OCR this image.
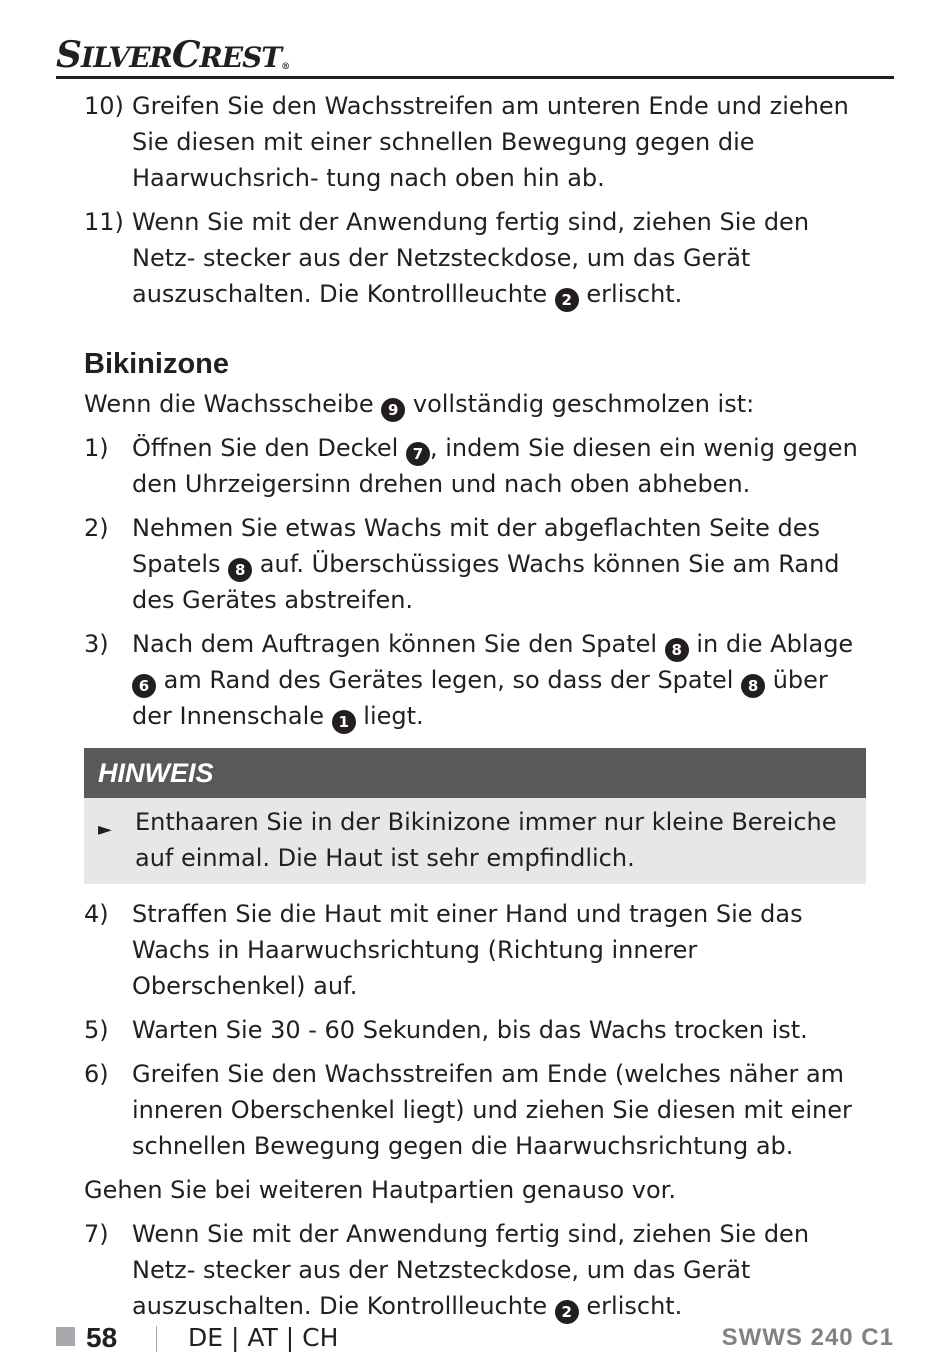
SILVERCREST®
10) Greifen Sie den Wachsstreifen am unteren Ende und ziehen Sie diesen mit einer schnellen Bewegung gegen die Haarwuchsrich- tung nach oben hin ab.
11) Wenn Sie mit der Anwendung fertig sind, ziehen Sie den Netz- stecker aus der Netzsteckdose, um das Gerät auszuschalten. Die Kontrollleuchte 2 erlischt.
Bikinizone
Wenn die Wachsscheibe 9 vollständig geschmolzen ist:
1) Öffnen Sie den Deckel 7 , indem Sie diesen ein wenig gegen den Uhrzeigersinn drehen und nach oben abheben.
2) Nehmen Sie etwas Wachs mit der abgeflachten Seite des Spatels 8 auf. Überschüssiges Wachs können Sie am Rand des Gerätes abstreifen.
3) Nach dem Auftragen können Sie den Spatel 8 in die Ablage 6 am Rand des Gerätes legen, so dass der Spatel 8 über der Innenschale 1 liegt.
HINWEIS
► Enthaaren Sie in der Bikinizone immer nur kleine Bereiche auf einmal. Die Haut ist sehr empfindlich.
4) Straffen Sie die Haut mit einer Hand und tragen Sie das Wachs in Haarwuchsrichtung (Richtung innerer Oberschenkel) auf.
5) Warten Sie 30 - 60 Sekunden, bis das Wachs trocken ist.
6) Greifen Sie den Wachsstreifen am Ende (welches näher am inneren Oberschenkel liegt) und ziehen Sie diesen mit einer schnellen Bewegung gegen die Haarwuchsrichtung ab.
Gehen Sie bei weiteren Hautpartien genauso vor.
7) Wenn Sie mit der Anwendung fertig sind, ziehen Sie den Netz- stecker aus der Netzsteckdose, um das Gerät auszuschalten. Die Kontrollleuchte 2 erlischt.
58	DE | AT | CH	SWWS 240 C1
